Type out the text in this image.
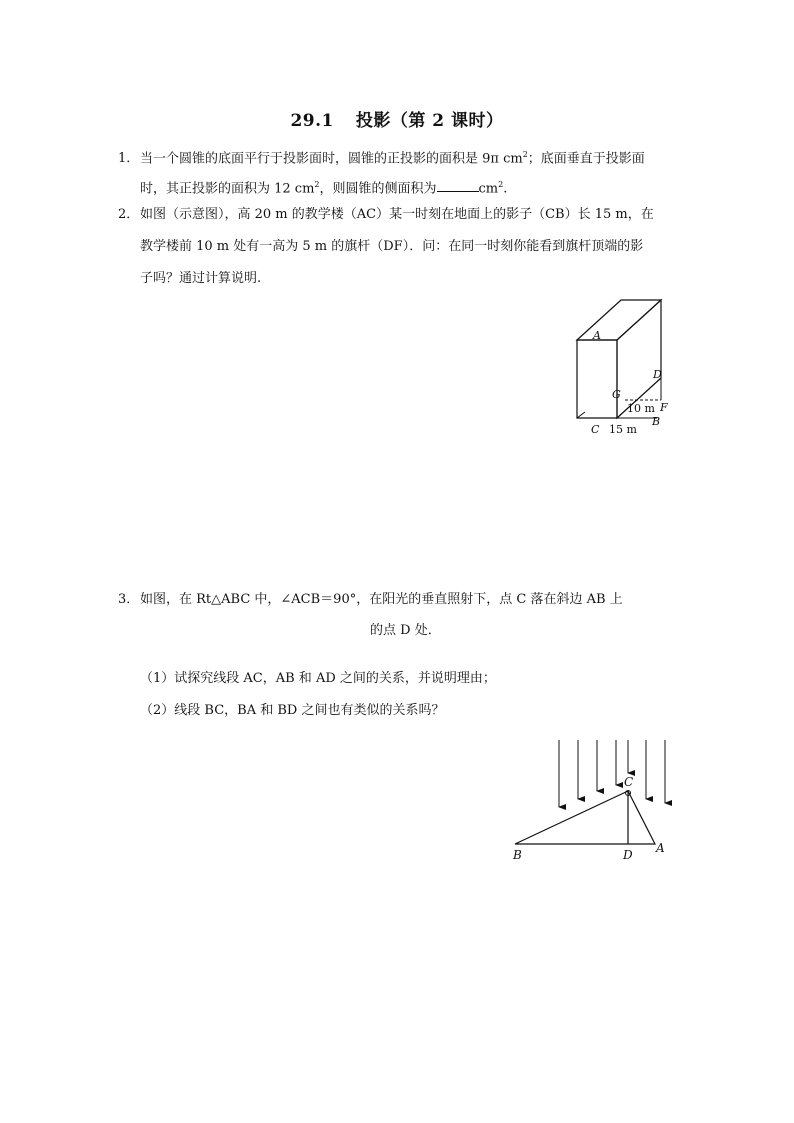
29.1 投影（第 2 课时）
1．当一个圆锥的底面平行于投影面时，圆锥的正投影的面积是 9π $cm^2$；底面垂直于投影面
时，其正投影的面积为 12 $cm^2$，则圆锥的侧面积为	$cm^2$.
2．如图（示意图），高 20 m 的教学楼（AC）某一时刻在地面上的影子（CB）长 15 m，在
教学楼前 10 m 处有一高为 5 m 的旗杆（DF）．问：在同一时刻你能看到旗杆顶端的影
子吗？通过计算说明.
A
D
G
10 m F
B
C 15 m
3．如图，在 Rt△ABC 中，∠ACB＝90°，在阳光的垂直照射下，点 C 落在斜边 AB 上
的点 D 处．
（1）试探究线段 AC，AB 和 AD 之间的关系，并说明理由；
（2）线段 BC，BA 和 BD 之间也有类似的关系吗？
C
B	D A
